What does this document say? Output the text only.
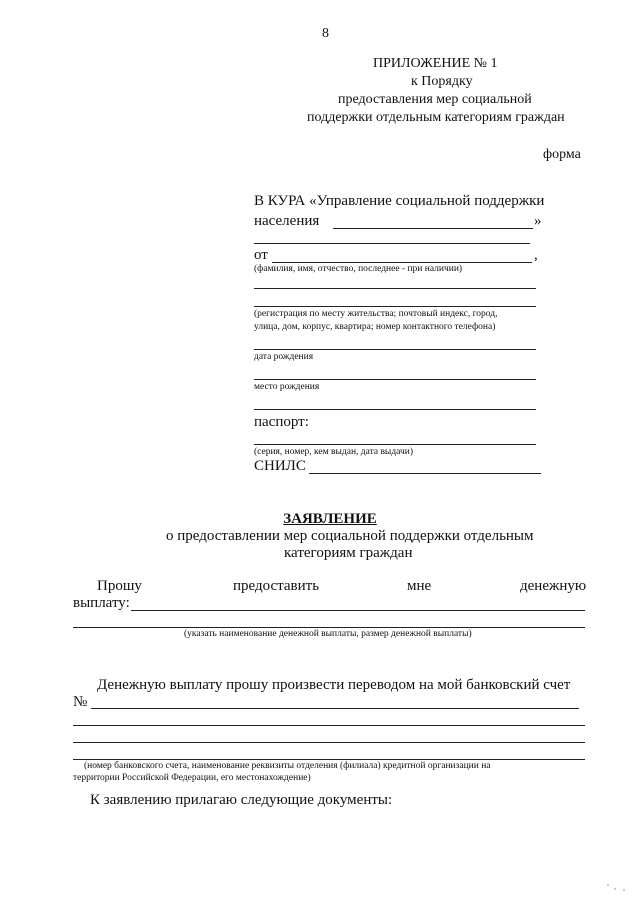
8
ПРИЛОЖЕНИЕ № 1
к Порядку
предоставления мер социальной
поддержки отдельным категориям граждан
форма
В КУРА «Управление социальной поддержки
населения	»
от	,
(фамилия, имя, отчество, последнее - при наличии)
(регистрация по месту жительства; почтовый индекс, город,
улица, дом, корпус, квартира; номер контактного телефона)
дата рождения
место рождения
паспорт:
(серия, номер, кем выдан, дата выдачи)
СНИЛС
ЗАЯВЛЕНИЕ
о предоставлении мер социальной поддержки отдельным
категориям граждан
Прошу	предоставить	мне	денежную
выплату:
(указать наименование денежной выплаты, размер денежной выплаты)
Денежную выплату прошу произвести переводом на мой банковский счет
№
(номер банковского счета, наименование реквизиты отделения (филиала) кредитной организации на
территории Российской Федерации, его местонахождение)
К заявлению прилагаю следующие документы:
